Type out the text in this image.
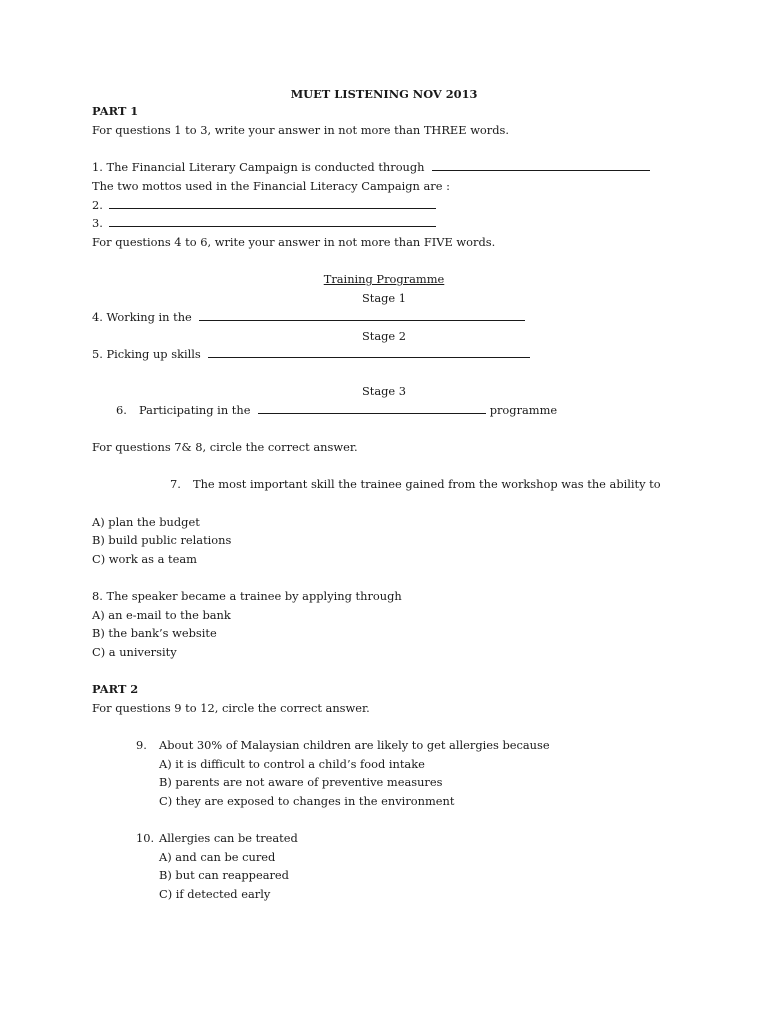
MUET LISTENING NOV 2013
PART 1
For questions 1 to 3, write your answer in not more than THREE words.
1. The Financial Literary Campaign is conducted through
The two mottos used in the Financial Literacy Campaign are :
2.
3.
For questions 4 to 6, write your answer in not more than FIVE words.
Training Programme
Stage 1
4. Working in the
Stage 2
5. Picking up skills
Stage 3
6. Participating in the	programme
For questions 7& 8, circle the correct answer.
7. The most important skill the trainee gained from the workshop was the ability to
A) plan the budget
B) build public relations
C) work as a team
8. The speaker became a trainee by applying through
A) an e-mail to the bank
B) the bank’s website
C) a university
PART 2
For questions 9 to 12, circle the correct answer.
9. About 30% of Malaysian children are likely to get allergies because
A) it is difficult to control a child’s food intake
B) parents are not aware of preventive measures
C) they are exposed to changes in the environment
10. Allergies can be treated
A) and can be cured
B) but can reappeared
C) if detected early
